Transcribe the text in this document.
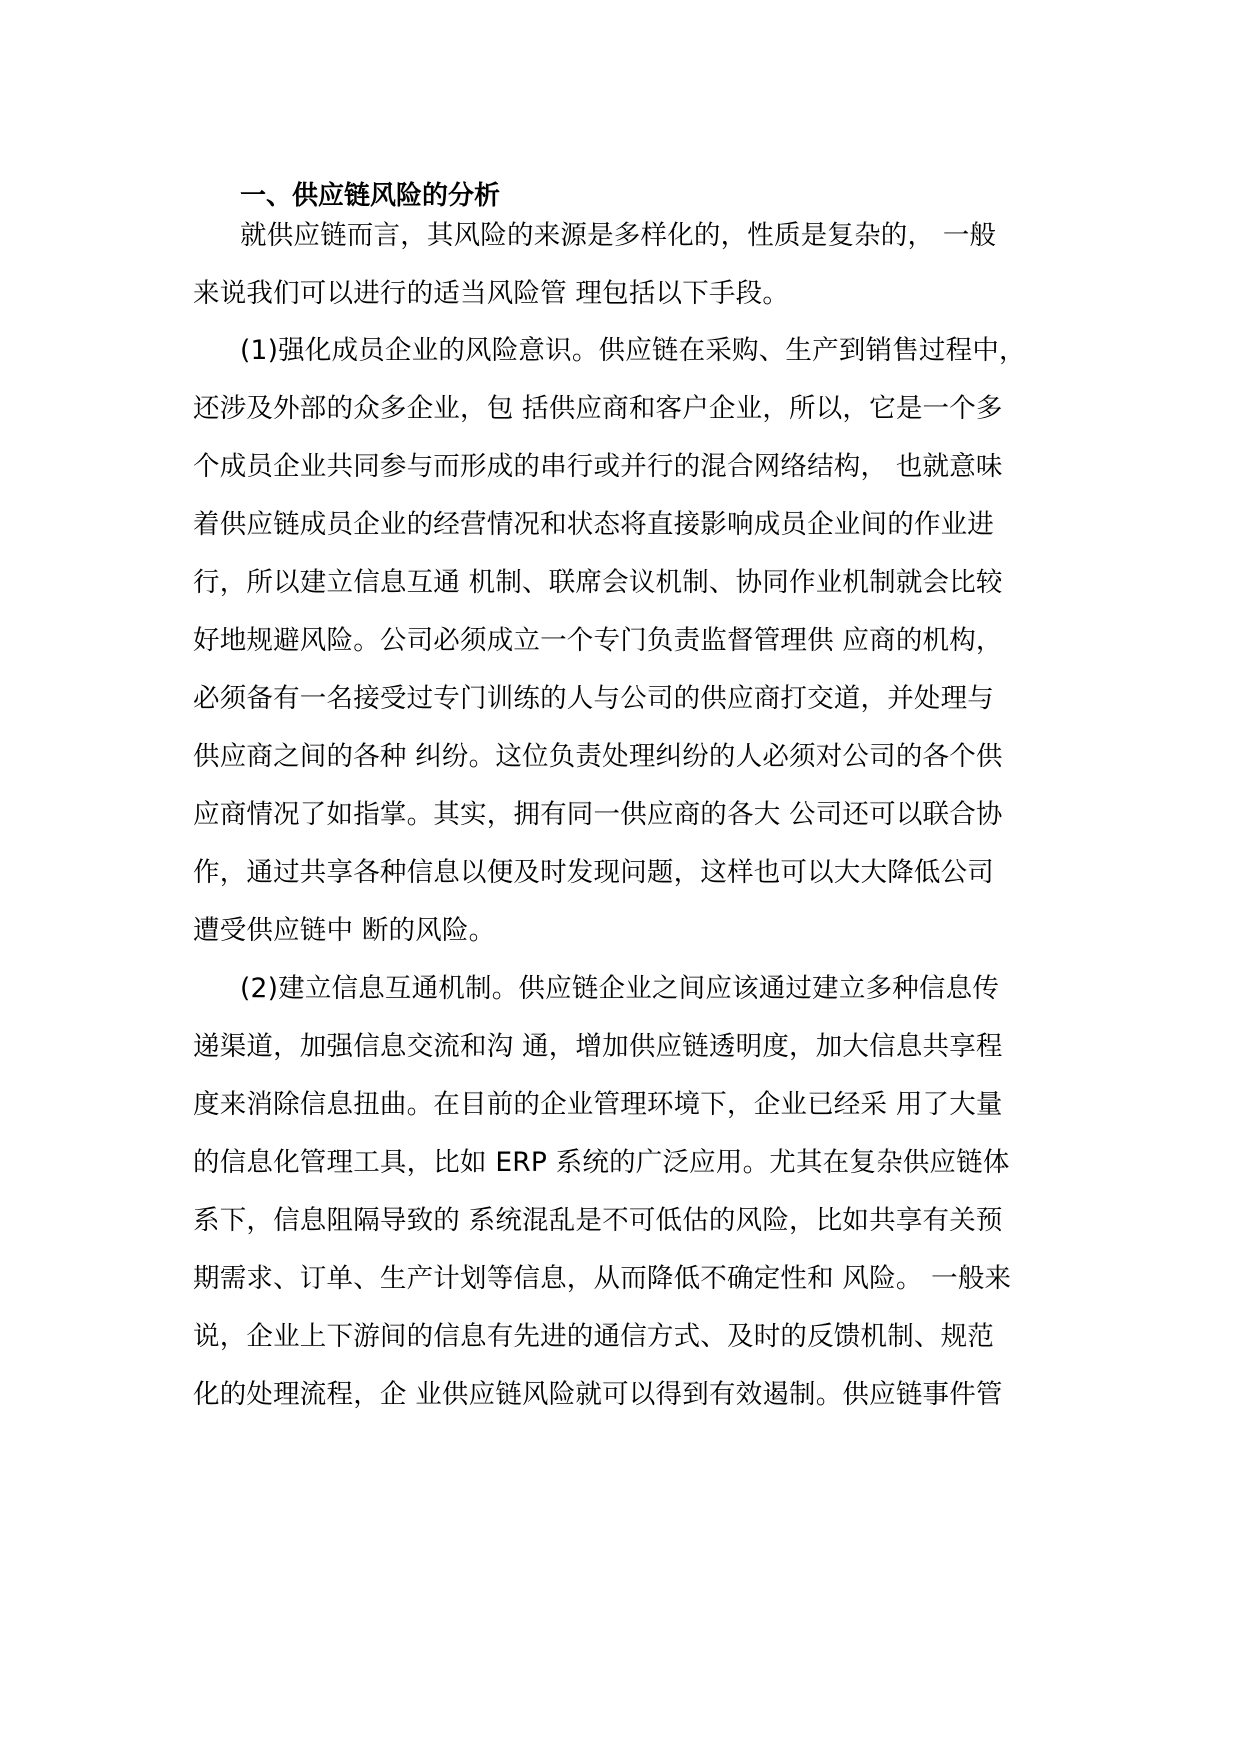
一、供应链风险的分析
就供应链而言，其风险的来源是多样化的，性质是复杂的， 一般
来说我们可以进行的适当风险管 理包括以下手段。
(1)强化成员企业的风险意识。供应链在采购、生产到销售过程中，
还涉及外部的众多企业，包 括供应商和客户企业，所以，它是一个多
个成员企业共同参与而形成的串行或并行的混合网络结构， 也就意味
着供应链成员企业的经营情况和状态将直接影响成员企业间的作业进
行，所以建立信息互通 机制、联席会议机制、协同作业机制就会比较
好地规避风险。公司必须成立一个专门负责监督管理供 应商的机构，
必须备有一名接受过专门训练的人与公司的供应商打交道，并处理与
供应商之间的各种 纠纷。这位负责处理纠纷的人必须对公司的各个供
应商情况了如指掌。其实，拥有同一供应商的各大 公司还可以联合协
作，通过共享各种信息以便及时发现问题，这样也可以大大降低公司
遭受供应链中 断的风险。
(2)建立信息互通机制。供应链企业之间应该通过建立多种信息传
递渠道，加强信息交流和沟 通，增加供应链透明度，加大信息共享程
度来消除信息扭曲。在目前的企业管理环境下，企业已经采 用了大量
的信息化管理工具，比如 ERP 系统的广泛应用。尤其在复杂供应链体
系下，信息阻隔导致的 系统混乱是不可低估的风险，比如共享有关预
期需求、订单、生产计划等信息，从而降低不确定性和 风险。 一般来
说，企业上下游间的信息有先进的通信方式、及时的反馈机制、规范
化的处理流程，企 业供应链风险就可以得到有效遏制。供应链事件管
